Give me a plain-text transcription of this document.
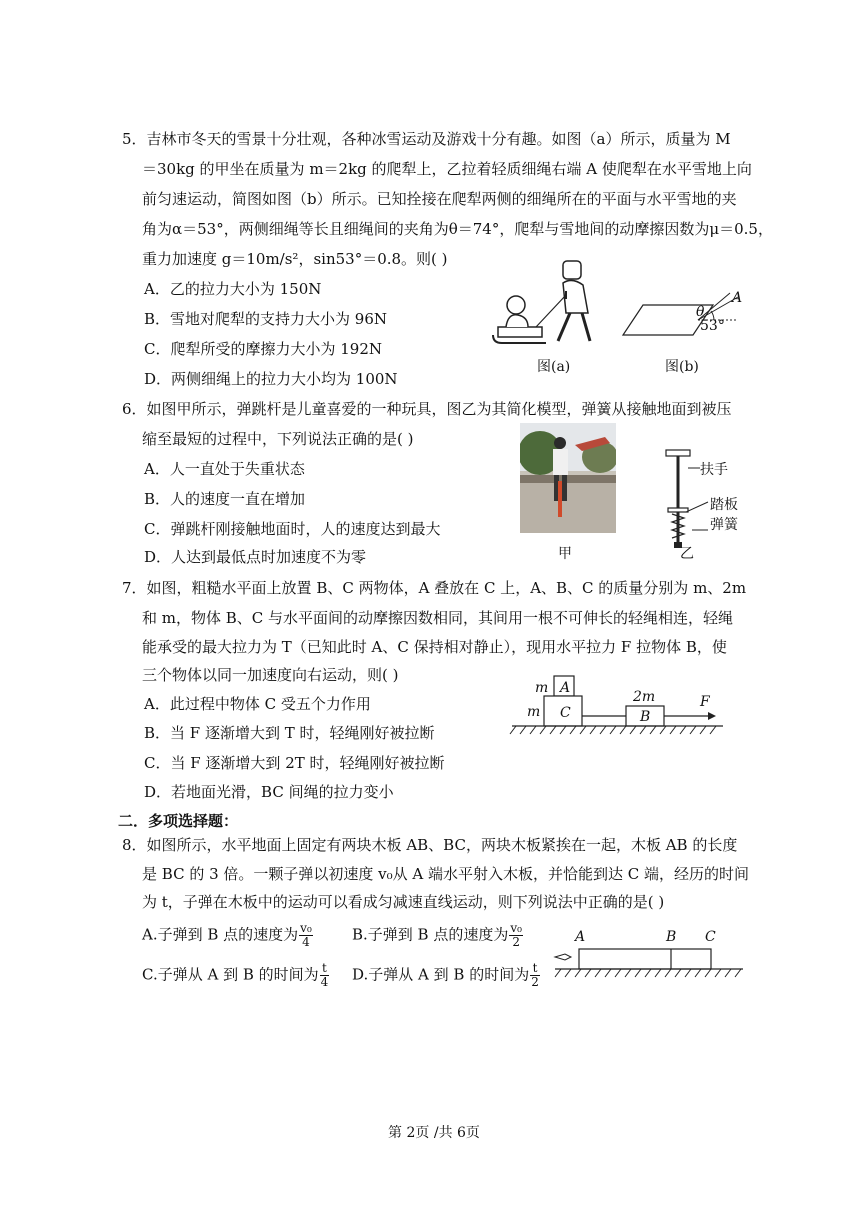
5．吉林市冬天的雪景十分壮观，各种冰雪运动及游戏十分有趣。如图（a）所示，质量为 M
＝30kg 的甲坐在质量为 m＝2kg 的爬犁上，乙拉着轻质细绳右端 A 使爬犁在水平雪地上向
前匀速运动，简图如图（b）所示。已知拴接在爬犁两侧的细绳所在的平面与水平雪地的夹
角为α＝53°，两侧细绳等长且细绳间的夹角为θ＝74°，爬犁与雪地间的动摩擦因数为μ＝0.5，
重力加速度 g＝10m/s²，sin53°＝0.8。则( )
A．乙的拉力大小为 150N
B．雪地对爬犁的支持力大小为 96N
C．爬犁所受的摩擦力大小为 192N
D．两侧细绳上的拉力大小均为 100N
图(a)
A
θ
53°
图(b)
6．如图甲所示，弹跳杆是儿童喜爱的一种玩具，图乙为其简化模型，弹簧从接触地面到被压
缩至最短的过程中，下列说法正确的是( )
A．人一直处于失重状态
B．人的速度一直在增加
C．弹跳杆刚接触地面时，人的速度达到最大
D．人达到最低点时加速度不为零	甲
扶手
踏板
弹簧
乙
7．如图，粗糙水平面上放置 B、C 两物体，A 叠放在 C 上，A、B、C 的质量分别为 m、2m
和 m，物体 B、C 与水平面间的动摩擦因数相同，其间用一根不可伸长的轻绳相连，轻绳
能承受的最大拉力为 T（已知此时 A、C 保持相对静止），现用水平拉力 F 拉物体 B，使
三个物体以同一加速度向右运动，则( )
A．此过程中物体 C 受五个力作用
B．当 F 逐渐增大到 T 时，轻绳刚好被拉断
C．当 F 逐渐增大到 2T 时，轻绳刚好被拉断
D．若地面光滑，BC 间绳的拉力变小
m A
m C
2m
B
F
二．多项选择题：
8．如图所示，水平地面上固定有两块木板 AB、BC，两块木板紧挨在一起，木板 AB 的长度
是 BC 的 3 倍。一颗子弹以初速度 v₀从 A 端水平射入木板，并恰能到达 C 端，经历的时间
为 t，子弹在木板中的运动可以看成匀减速直线运动，则下列说法中正确的是( )
A.子弹到 B 点的速度为 $\frac{\text{v₀}}{4}$	B.子弹到 B 点的速度为 $\frac{\text{v₀}}{2}$
C.子弹从 A 到 B 的时间为 $\frac{t}{4} D$.子弹从 A 到 B 的时间为 $\frac{t}{2}$
A	B C
第 2页 /共 6页
